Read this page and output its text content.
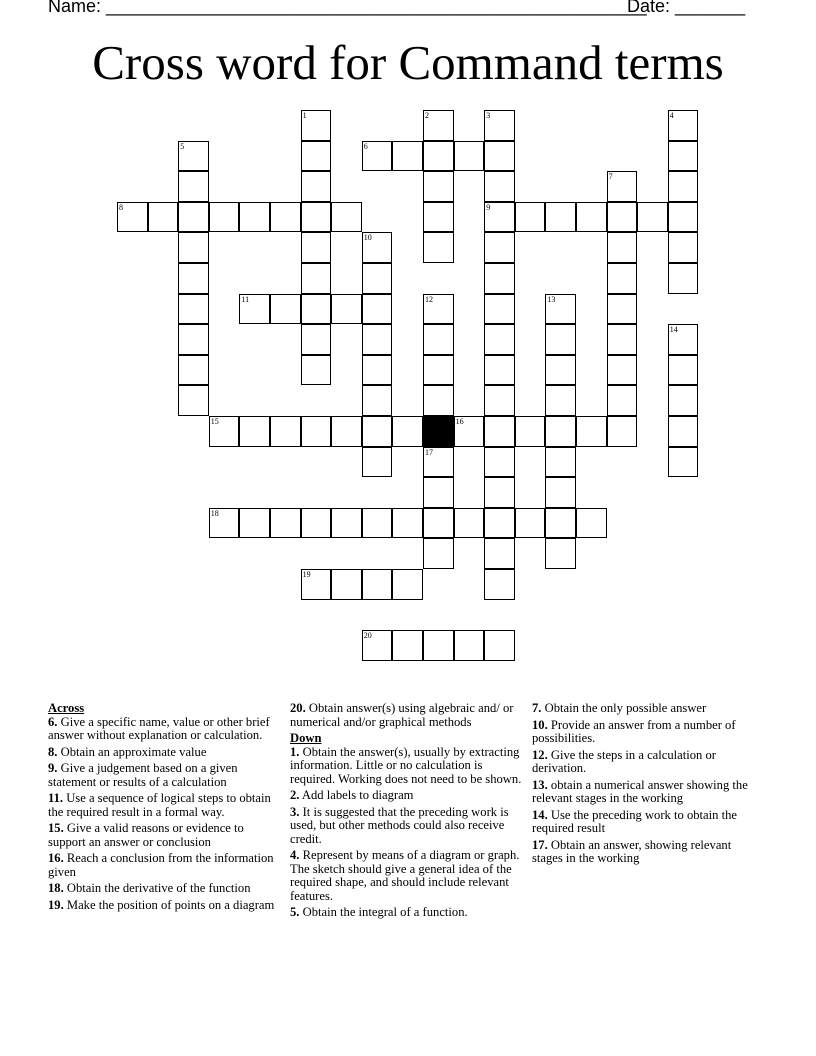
Name: ______________________________________________________
Date: _______
Cross word for Command terms
1	2	3	4
5	6
7
8	9
10
11	12	13
14
15	16
17
18
19
20
Across
6. Give a specific name, value or other brief answer without explanation or calculation.
8. Obtain an approximate value
9. Give a judgement based on a given statement or results of a calculation
11. Use a sequence of logical steps to obtain the required result in a formal way.
15. Give a valid reasons or evidence to support an answer or conclusion
16. Reach a conclusion from the information given
18. Obtain the derivative of the function
19. Make the position of points on a diagram
20. Obtain answer(s) using algebraic and/ or numerical and/or graphical methods
Down
1. Obtain the answer(s), usually by extracting information. Little or no calculation is required. Working does not need to be shown.
2. Add labels to diagram
3. It is suggested that the preceding work is used, but other methods could also receive credit.
4. Represent by means of a diagram or graph. The sketch should give a general idea of the required shape, and should include relevant features.
5. Obtain the integral of a function.
7. Obtain the only possible answer
10. Provide an answer from a number of possibilities.
12. Give the steps in a calculation or derivation.
13. obtain a numerical answer showing the relevant stages in the working
14. Use the preceding work to obtain the required result
17. Obtain an answer, showing relevant stages in the working
